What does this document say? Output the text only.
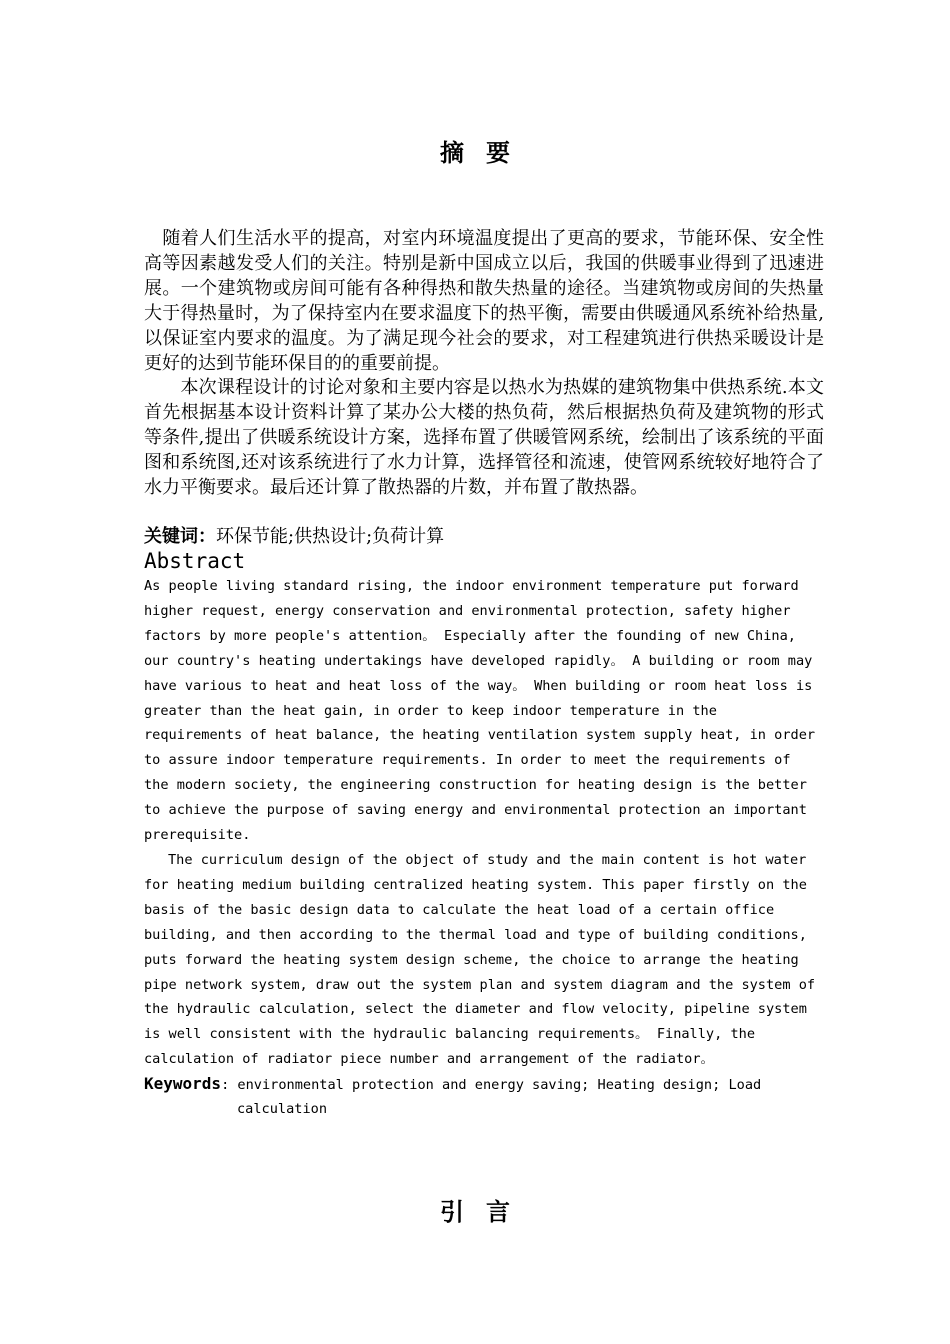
摘要

　随着人们生活水平的提高，对室内环境温度提出了更高的要求，节能环保、安全性高等因素越发受人们的关注。特别是新中国成立以后，我国的供暖事业得到了迅速进展。一个建筑物或房间可能有各种得热和散失热量的途径。当建筑物或房间的失热量大于得热量时，为了保持室内在要求温度下的热平衡，需要由供暖通风系统补给热量,以保证室内要求的温度。为了满足现今社会的要求，对工程建筑进行供热采暖设计是更好的达到节能环保目的的重要前提。

　　本次课程设计的讨论对象和主要内容是以热水为热媒的建筑物集中供热系统.本文首先根据基本设计资料计算了某办公大楼的热负荷，然后根据热负荷及建筑物的形式等条件,提出了供暖系统设计方案，选择布置了供暖管网系统，绘制出了该系统的平面图和系统图,还对该系统进行了水力计算，选择管径和流速，使管网系统较好地符合了水力平衡要求。最后还计算了散热器的片数，并布置了散热器。

关键词：环保节能;供热设计;负荷计算
Abstract

As people living standard rising, the indoor environment temperature put forward higher request, energy conservation and environmental protection, safety higher factors by more people's attention。 Especially after the founding of new China, our country's heating undertakings have developed rapidly。 A building or room may have various to heat and heat loss of the way。 When building or room heat loss is greater than the heat gain, in order to keep indoor temperature in the requirements of heat balance, the heating ventilation system supply heat, in order to assure indoor temperature requirements. In order to meet the requirements of the modern society, the engineering construction for heating design is the better to achieve the purpose of saving energy and environmental protection an important prerequisite.

The curriculum design of the object of study and the main content is hot water for heating medium building centralized heating system. This paper firstly on the basis of the basic design data to calculate the heat load of a certain office building, and then according to the thermal load and type of building conditions, puts forward the heating system design scheme, the choice to arrange the heating pipe network system, draw out the system plan and system diagram and the system of the hydraulic calculation, select the diameter and flow velocity, pipeline system is well consistent with the hydraulic balancing requirements。 Finally, the calculation of radiator piece number and arrangement of the radiator。

Keywords: environmental protection and energy saving; Heating design; Load
calculation
引言
